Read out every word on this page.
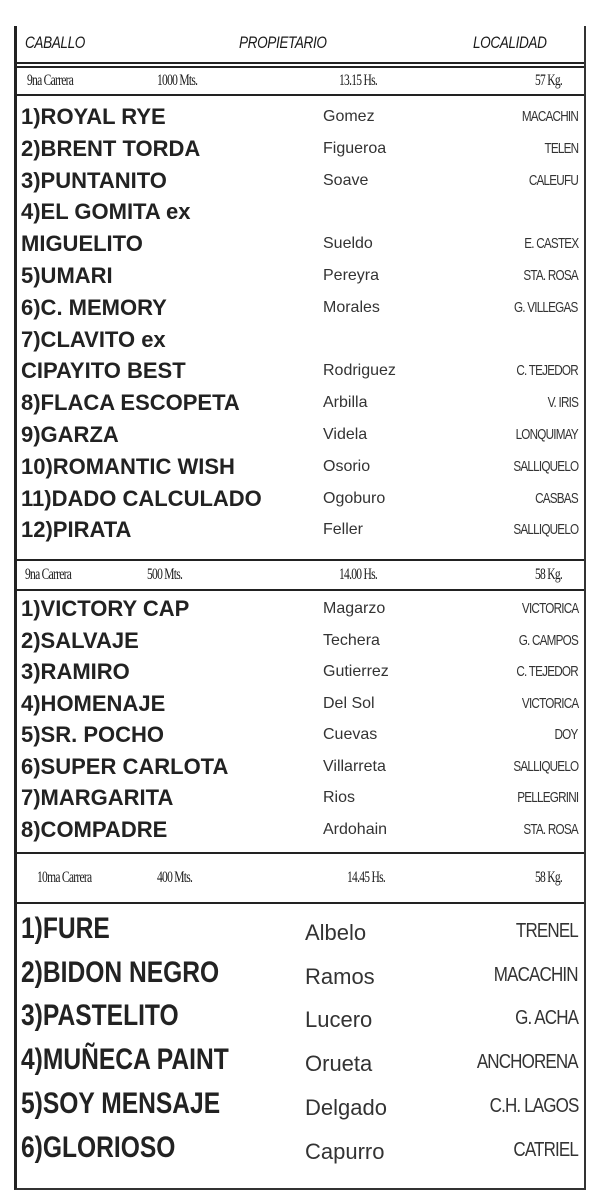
CABALLO	PROPIETARIO	LOCALIDAD
9na Carrera	1000 Mts.	13.15 Hs.	57 Kg.
1)ROYAL RYE	Gomez	MACACHIN
2)BRENT TORDA	Figueroa	TELEN
3)PUNTANITO	Soave	CALEUFU
4)EL GOMITA ex
MIGUELITO	Sueldo	E. CASTEX
5)UMARI	Pereyra	STA. ROSA
6)C. MEMORY	Morales	G. VILLEGAS
7)CLAVITO ex
CIPAYITO BEST	Rodriguez	C. TEJEDOR
8)FLACA ESCOPETA	Arbilla	V. IRIS
9)GARZA	Videla	LONQUIMAY
10)ROMANTIC WISH	Osorio	SALLIQUELO
11)DADO CALCULADO	Ogoburo	CASBAS
12)PIRATA	Feller	SALLIQUELO
9na Carrera	500 Mts.	14.00 Hs.	58 Kg.
1)VICTORY CAP	Magarzo	VICTORICA
2)SALVAJE	Techera	G. CAMPOS
3)RAMIRO	Gutierrez	C. TEJEDOR
4)HOMENAJE	Del Sol	VICTORICA
5)SR. POCHO	Cuevas	DOY
6)SUPER CARLOTA	Villarreta	SALLIQUELO
7)MARGARITA	Rios	PELLEGRINI
8)COMPADRE	Ardohain	STA. ROSA
10ma Carrera	400 Mts.	14.45 Hs.	58 Kg.
1)FURE	Albelo	TRENEL
2)BIDON NEGRO	Ramos	MACACHIN
3)PASTELITO	Lucero	G. ACHA
4)MUÑECA PAINT	Orueta	ANCHORENA
5)SOY MENSAJE	Delgado	C.H. LAGOS
6)GLORIOSO	Capurro	CATRIEL
